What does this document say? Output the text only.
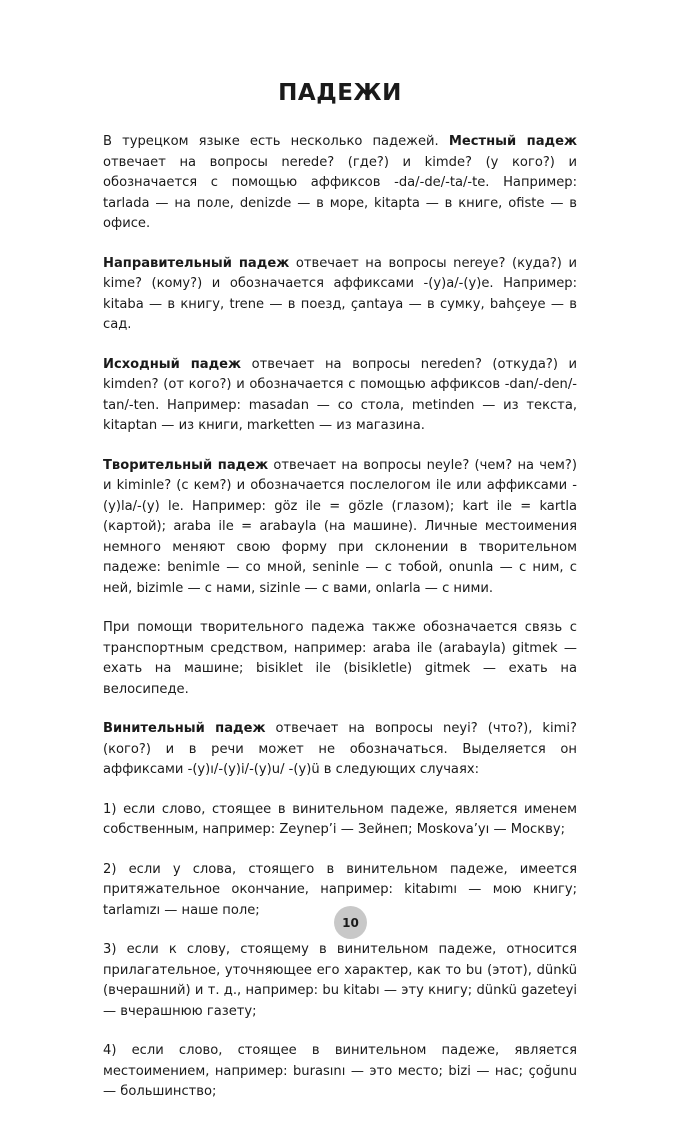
ПАДЕЖИ

В турецком языке есть несколько падежей. Местный падеж отвечает на вопросы nerede? (где?) и kimde? (у кого?) и обозначается с помощью аффиксов -da/-de/-ta/-te. Например: tarlada — на поле, denizde — в море, kitapta — в книге, ofiste — в офисе.

Направительный падеж отвечает на вопросы nereye? (куда?) и kime? (кому?) и обозначается аффиксами -(y)a/-(y)e. Например: kitaba — в книгу, trene — в поезд, çantaya — в сумку, bahçeye — в сад.

Исходный падеж отвечает на вопросы nereden? (откуда?) и kimden? (от кого?) и обозначается с помощью аффиксов -dan/-den/-tan/-ten. Например: masadan — со стола, metinden — из текста, kitaptan — из книги, marketten — из магазина.

Творительный падеж отвечает на вопросы neyle? (чем? на чем?) и kiminle? (с кем?) и обозначается послелогом ile или аффиксами -(y)la/-(y) le. Например: göz ile = gözle (глазом); kart ile = kartla (картой); araba ile = arabayla (на машине). Личные местоимения немного меняют свою форму при склонении в творительном падеже: benimle — со мной, seninle — с тобой, onunla — с ним, с ней, bizimle — с нами, sizinle — с вами, onlarla — с ними.

При помощи творительного падежа также обозначается связь с транспортным средством, например: araba ile (arabayla) gitmek — ехать на машине; bisiklet ile (bisikletle) gitmek — ехать на велосипеде.

Винительный падеж отвечает на вопросы neyi? (что?), kimi? (кого?) и в речи может не обозначаться. Выделяется он аффиксами -(y)ı/-(y)i/-(y)u/ -(y)ü в следующих случаях:

1) если слово, стоящее в винительном падеже, является именем собственным, например: Zeynep’i — Зейнеп; Moskova’yı — Москву;

2) если у слова, стоящего в винительном падеже, имеется притяжательное окончание, например: kitabımı — мою книгу; tarlamızı — наше поле;

3) если к слову, стоящему в винительном падеже, относится прилагательное, уточняющее его характер, как то bu (этот), dünkü (вчерашний) и т. д., например: bu kitabı — эту книгу; dünkü gazeteyi — вчерашнюю газету;

4) если слово, стоящее в винительном падеже, является местоимением, например: burasını — это место; bizi — нас; çoğunu — большинство;

10
